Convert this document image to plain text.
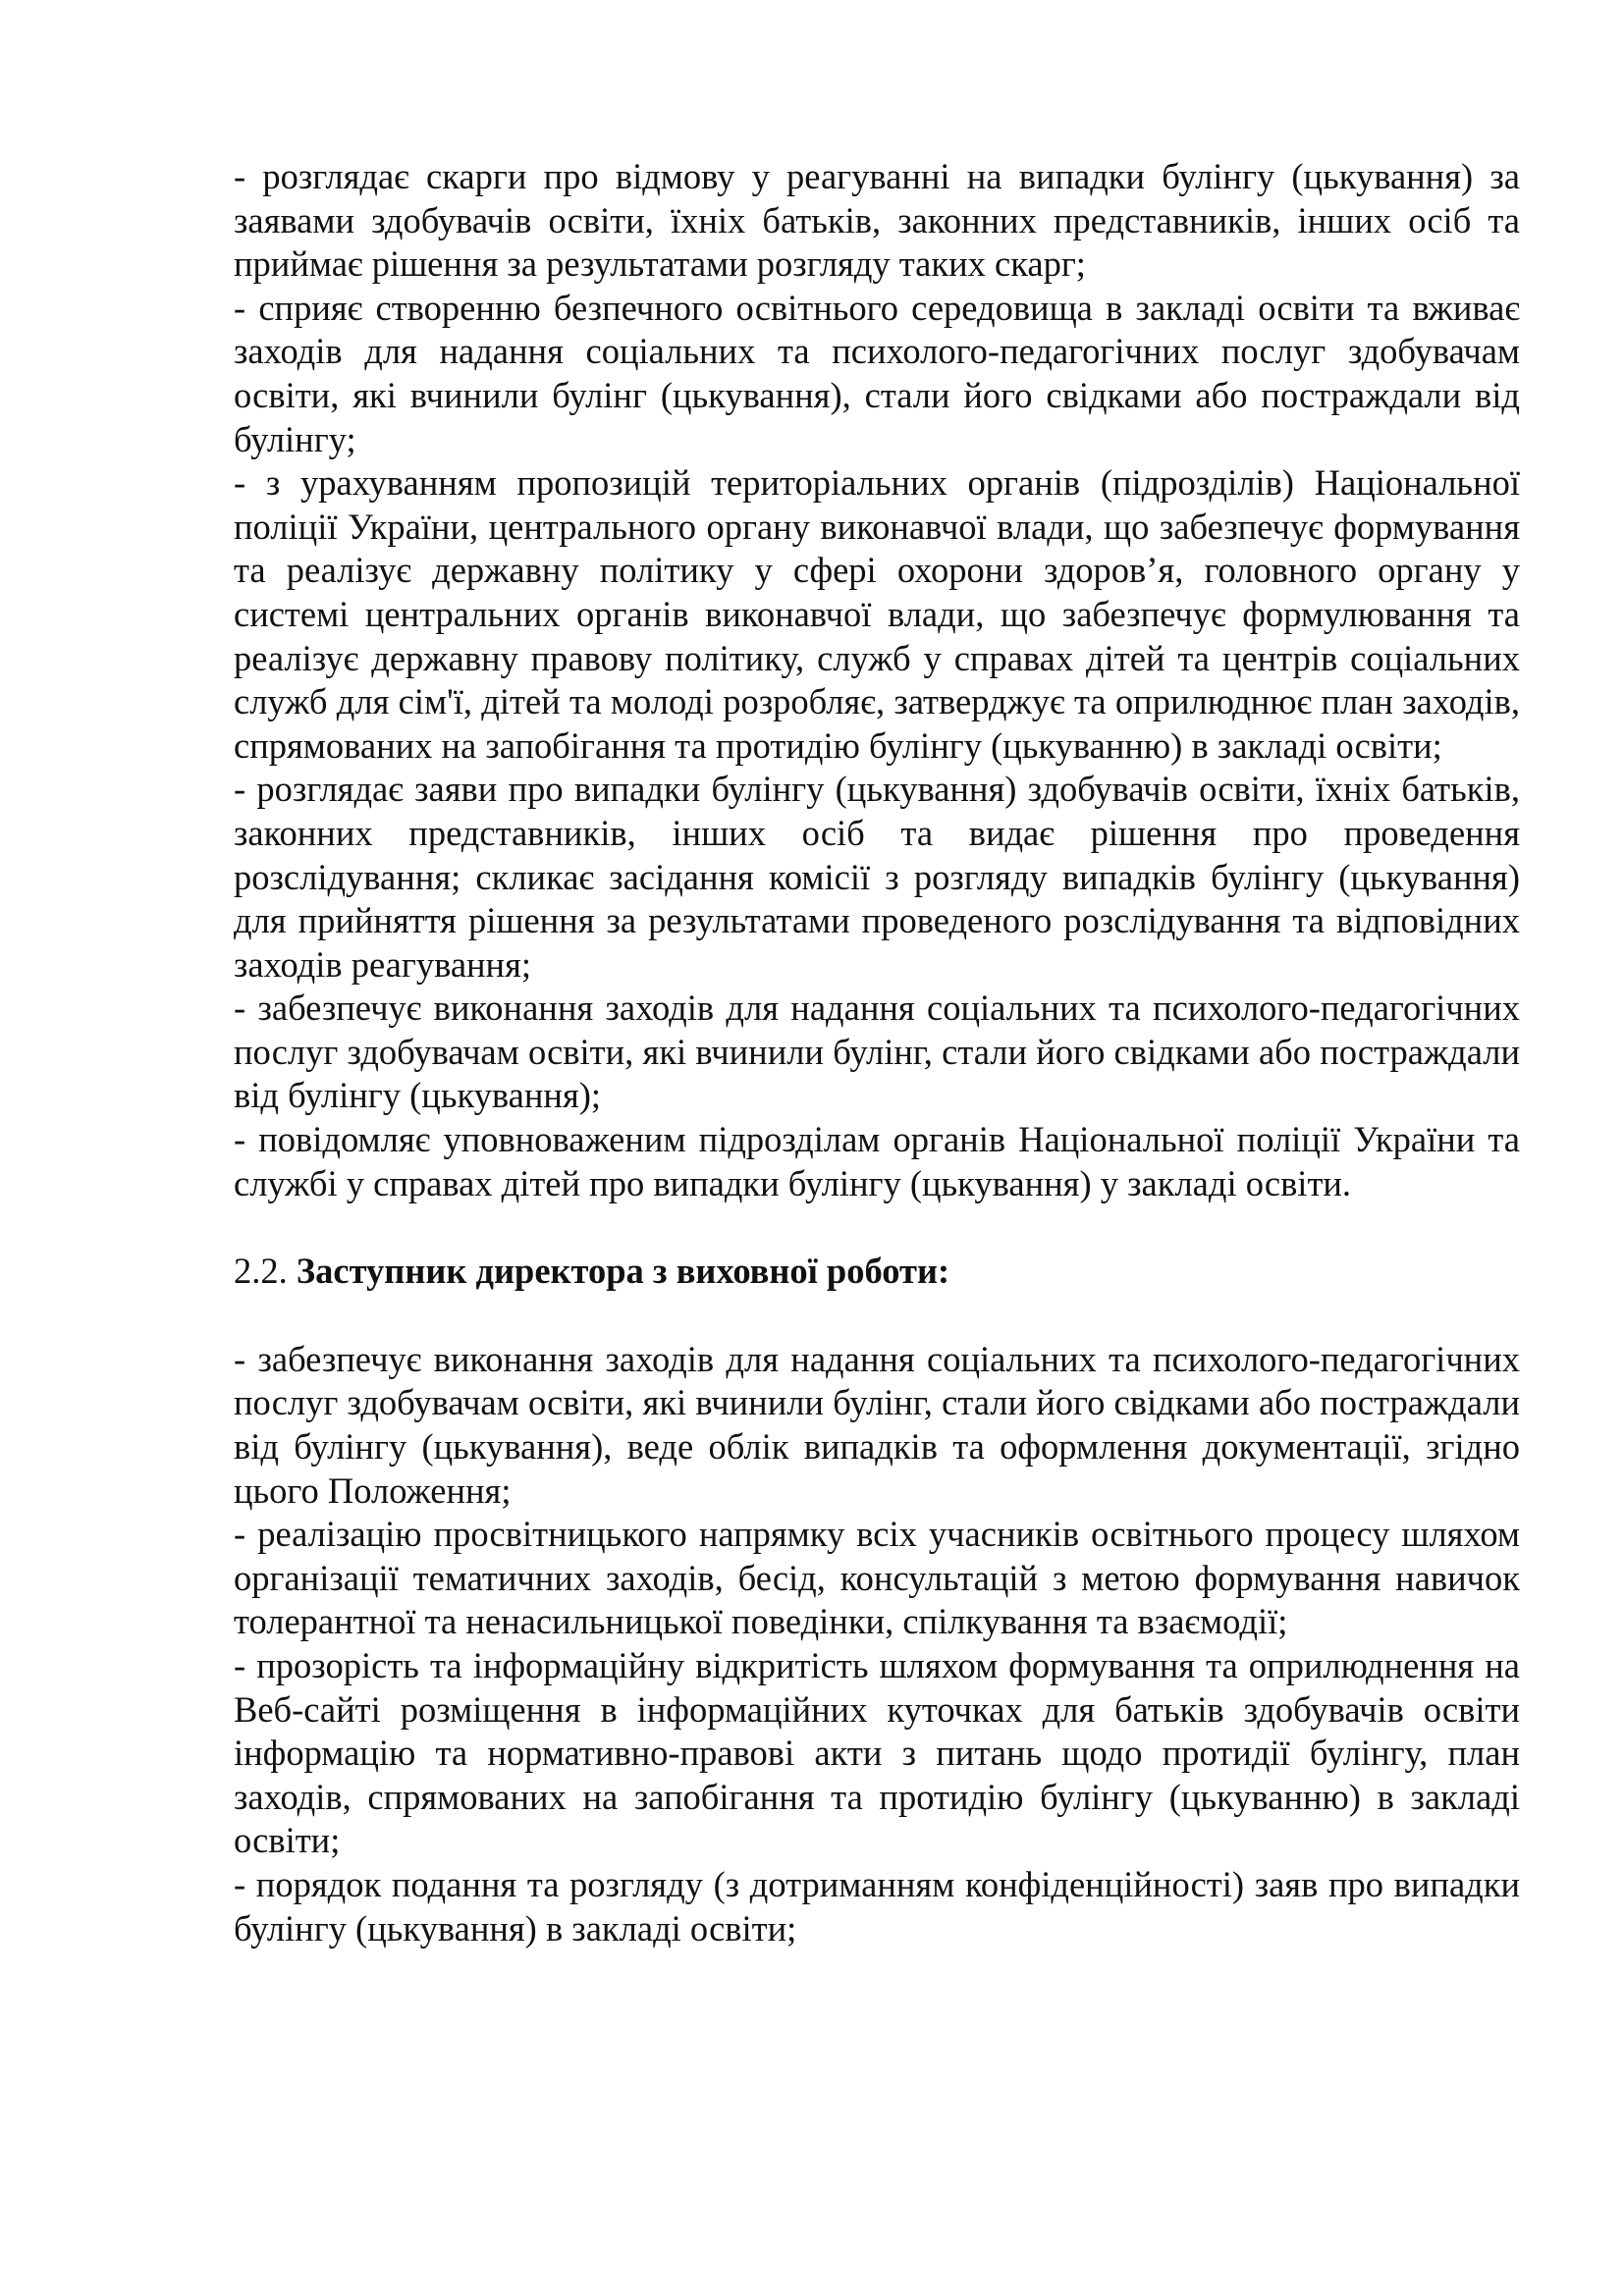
- розглядає скарги про відмову у реагуванні на випадки булінгу (цькування) за заявами здобувачів освіти, їхніх батьків, законних представників, інших осіб та приймає рішення за результатами розгляду таких скарг;

- сприяє створенню безпечного освітнього середовища в закладі освіти та вживає заходів для надання соціальних та психолого-педагогічних послуг здобувачам освіти, які вчинили булінг (цькування), стали його свідками або постраждали від булінгу;

- з урахуванням пропозицій територіальних органів (підрозділів) Національної поліції України, центрального органу виконавчої влади, що забезпечує формування та реалізує державну політику у сфері охорони здоров’я, головного органу у системі центральних органів виконавчої влади, що забезпечує формулювання та реалізує державну правову політику, служб у справах дітей та центрів соціальних служб для сім'ї, дітей та молоді розробляє, затверджує та оприлюднює план заходів, спрямованих на запобігання та протидію булінгу (цькуванню) в закладі освіти;

- розглядає заяви про випадки булінгу (цькування) здобувачів освіти, їхніх батьків, законних представників, інших осіб та видає рішення про проведення розслідування; скликає засідання комісії з розгляду випадків булінгу (цькування) для прийняття рішення за результатами проведеного розслідування та відповідних заходів реагування;

- забезпечує виконання заходів для надання соціальних та психолого-педагогічних послуг здобувачам освіти, які вчинили булінг, стали його свідками або постраждали від булінгу (цькування);

- повідомляє уповноваженим підрозділам органів Національної поліції України та службі у справах дітей про випадки булінгу (цькування) у закладі освіти.

2.2. Заступник директора з виховної роботи:

- забезпечує виконання заходів для надання соціальних та психолого-педагогічних послуг здобувачам освіти, які вчинили булінг, стали його свідками або постраждали від булінгу (цькування), веде облік випадків та оформлення документації, згідно цього Положення;

- реалізацію просвітницького напрямку всіх учасників освітнього процесу шляхом організації тематичних заходів, бесід, консультацій з метою формування навичок толерантної та ненасильницької поведінки, спілкування та взаємодії;

- прозорість та інформаційну відкритість шляхом формування та оприлюднення на Веб-сайті розміщення в інформаційних куточках для батьків здобувачів освіти інформацію та нормативно-правові акти з питань щодо протидії булінгу, план заходів, спрямованих на запобігання та протидію булінгу (цькуванню) в закладі освіти;

- порядок подання та розгляду (з дотриманням конфіденційності) заяв про випадки булінгу (цькування) в закладі освіти;
